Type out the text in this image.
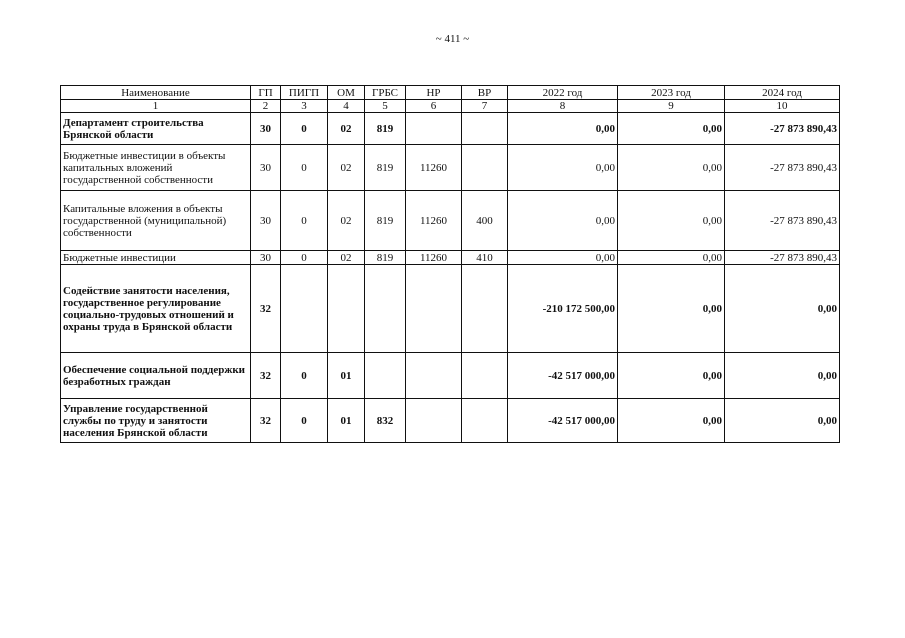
~ 411 ~
Наименование	ГП	ПИГП	ОМ	ГРБС	НР	ВР	2022 год	2023 год	2024 год
1	2	3	4	5	6	7	8	9	10
Департамент строительства Брянской области	30	0	02	819			0,00	0,00	-27 873 890,43
Бюджетные инвестиции в объекты капитальных вложений государственной собственности	30	0	02	819	11260		0,00	0,00	-27 873 890,43
Капитальные вложения в объекты государственной (муниципальной) собственности	30	0	02	819	11260	400	0,00	0,00	-27 873 890,43
Бюджетные инвестиции	30	0	02	819	11260	410	0,00	0,00	-27 873 890,43
Содействие занятости населения, государственное регулирование социально-трудовых отношений и охраны труда в Брянской области	32						-210 172 500,00	0,00	0,00
Обеспечение социальной поддержки безработных граждан	32	0	01				-42 517 000,00	0,00	0,00
Управление государственной службы по труду и занятости населения Брянской области	32	0	01	832			-42 517 000,00	0,00	0,00
